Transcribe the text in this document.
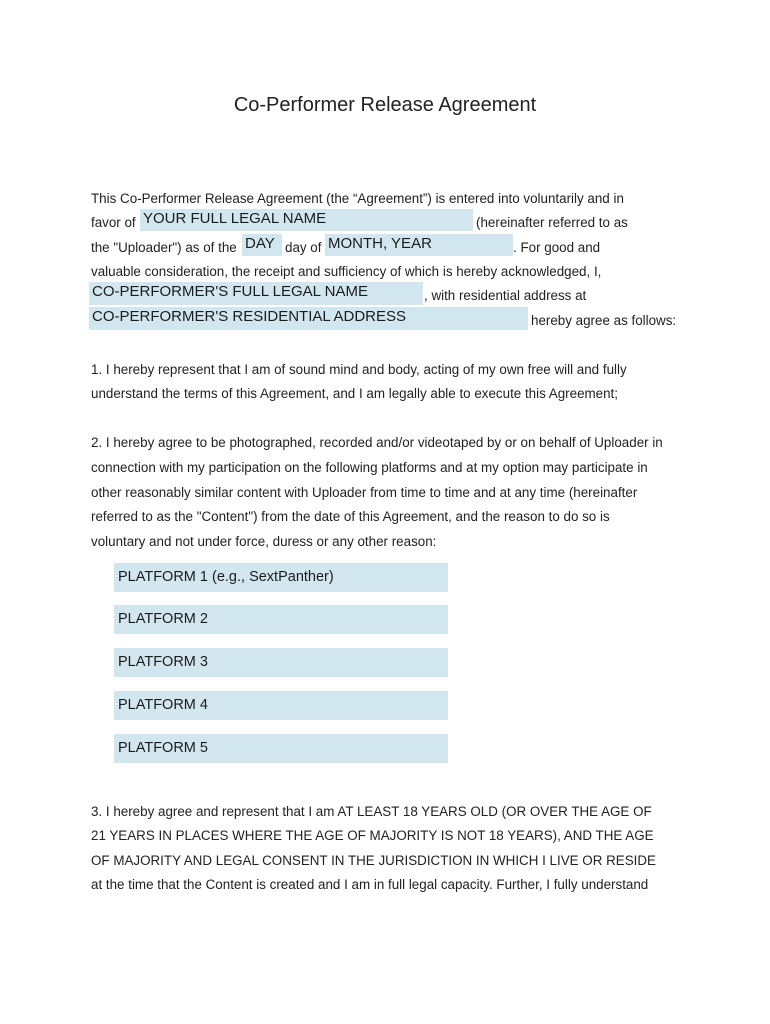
Co-Performer Release Agreement
This Co-Performer Release Agreement (the “Agreement”) is entered into voluntarily and in
favor of YOUR FULL LEGAL NAME	(hereinafter referred to as
the "Uploader") as of the DAY day of MONTH, YEAR	. For good and
valuable consideration, the receipt and sufficiency of which is hereby acknowledged, I,
CO-PERFORMER'S FULL LEGAL NAME	, with residential address at
CO-PERFORMER'S RESIDENTIAL ADDRESS	hereby agree as follows:
1. I hereby represent that I am of sound mind and body, acting of my own free will and fully
understand the terms of this Agreement, and I am legally able to execute this Agreement;
2. I hereby agree to be photographed, recorded and/or videotaped by or on behalf of Uploader in
connection with my participation on the following platforms and at my option may participate in
other reasonably similar content with Uploader from time to time and at any time (hereinafter
referred to as the "Content") from the date of this Agreement, and the reason to do so is
voluntary and not under force, duress or any other reason:
PLATFORM 1 (e.g., SextPanther)
PLATFORM 2
PLATFORM 3
PLATFORM 4
PLATFORM 5
3. I hereby agree and represent that I am AT LEAST 18 YEARS OLD (OR OVER THE AGE OF
21 YEARS IN PLACES WHERE THE AGE OF MAJORITY IS NOT 18 YEARS), AND THE AGE
OF MAJORITY AND LEGAL CONSENT IN THE JURISDICTION IN WHICH I LIVE OR RESIDE
at the time that the Content is created and I am in full legal capacity. Further, I fully understand
